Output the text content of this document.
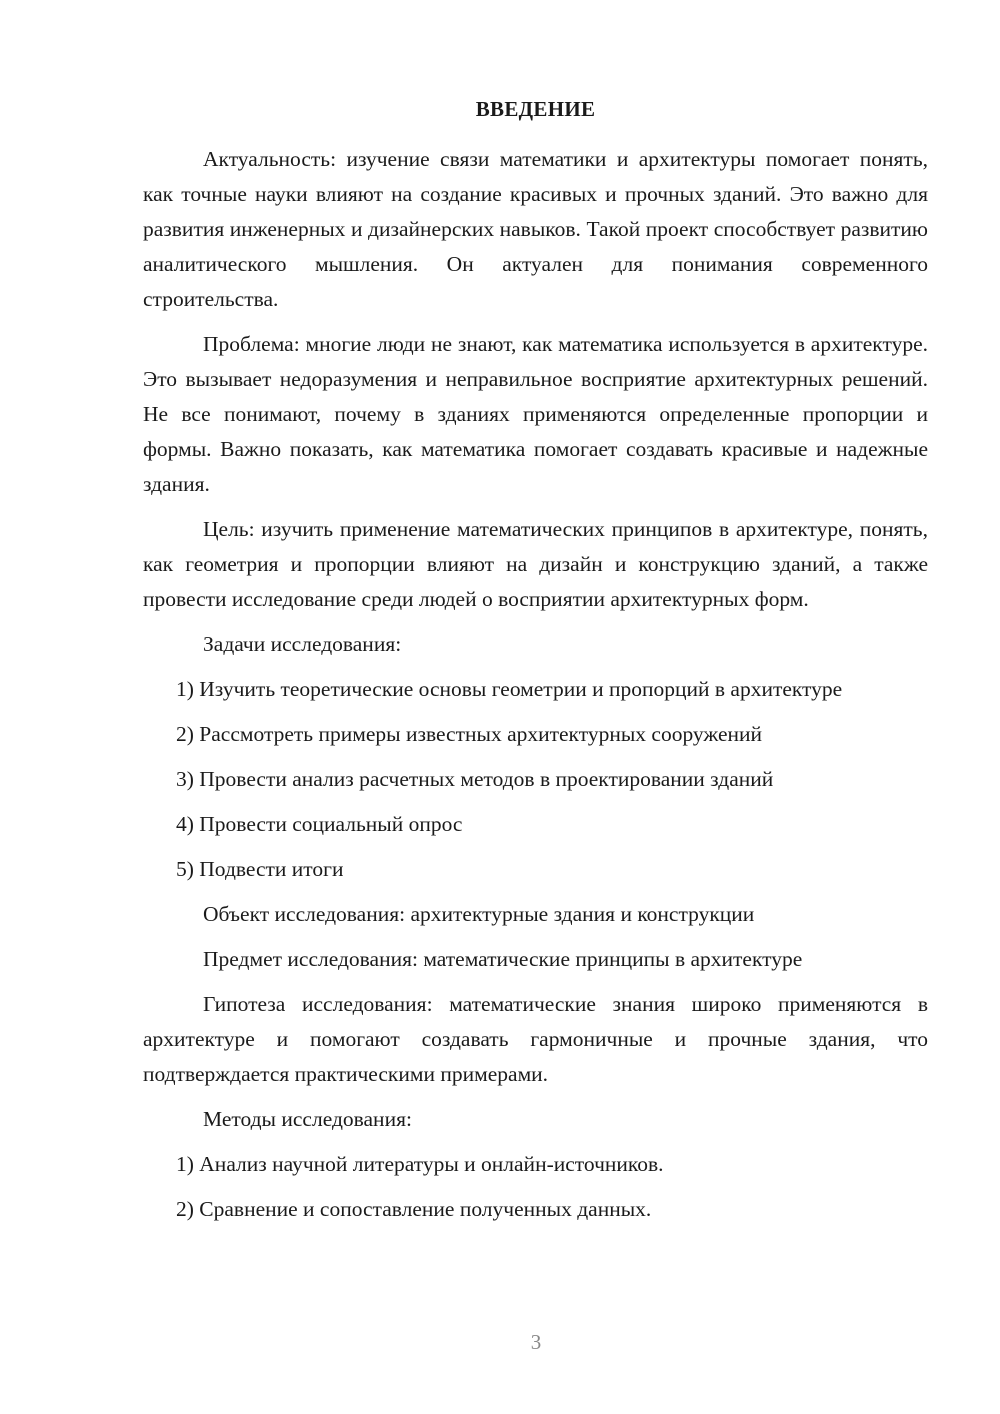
ВВЕДЕНИЕ

Актуальность: изучение связи математики и архитектуры помогает понять, как точные науки влияют на создание красивых и прочных зданий. Это важно для развития инженерных и дизайнерских навыков. Такой проект способствует развитию аналитического мышления. Он актуален для понимания современного строительства.

Проблема: многие люди не знают, как математика используется в архитектуре. Это вызывает недоразумения и неправильное восприятие архитектурных решений. Не все понимают, почему в зданиях применяются определенные пропорции и формы. Важно показать, как математика помогает создавать красивые и надежные здания.

Цель: изучить применение математических принципов в архитектуре, понять, как геометрия и пропорции влияют на дизайн и конструкцию зданий, а также провести исследование среди людей о восприятии архитектурных форм.

Задачи исследования:

1) Изучить теоретические основы геометрии и пропорций в архитектуре

2) Рассмотреть примеры известных архитектурных сооружений

3) Провести анализ расчетных методов в проектировании зданий

4) Провести социальный опрос

5) Подвести итоги

Объект исследования: архитектурные здания и конструкции

Предмет исследования: математические принципы в архитектуре

Гипотеза исследования: математические знания широко применяются в архитектуре и помогают создавать гармоничные и прочные здания, что подтверждается практическими примерами.

Методы исследования:

1) Анализ научной литературы и онлайн-источников.

2) Сравнение и сопоставление полученных данных.

3
